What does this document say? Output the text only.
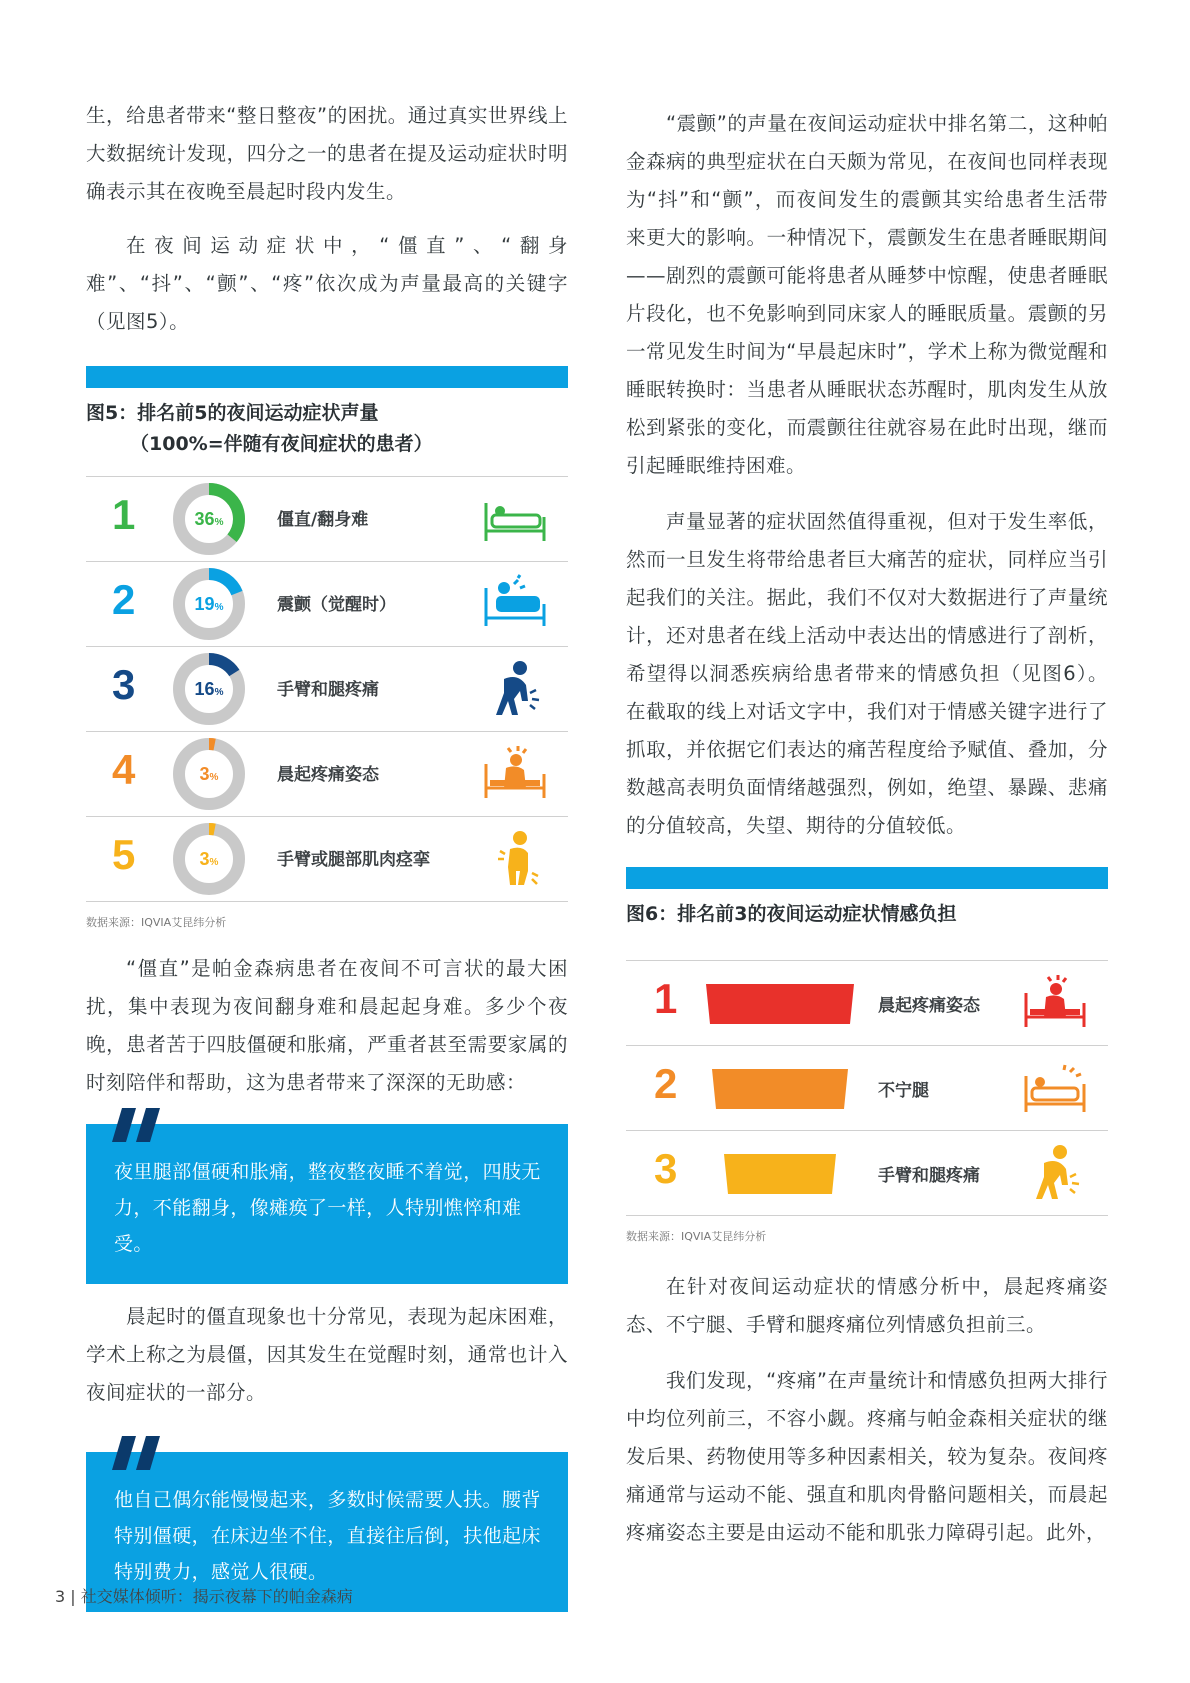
生，给患者带来“整日整夜”的困扰。通过真实世界线上大数据统计发现，四分之一的患者在提及运动症状时明确表示其在夜晚至晨起时段内发生。

在夜间运动症状中，“僵直”、“翻身难”、“抖”、“颤”、“疼”依次成为声量最高的关键字（见图5）。

图5：排名前5的夜间运动症状声量
（100%=伴随有夜间症状的患者）
1	36%	僵直/翻身难
2	19%	震颤（觉醒时）
3	16%	手臂和腿疼痛
4	3%	晨起疼痛姿态
5	3%	手臂或腿部肌肉痉挛
数据来源：IQVIA艾昆纬分析

“僵直”是帕金森病患者在夜间不可言状的最大困扰，集中表现为夜间翻身难和晨起起身难。多少个夜晚，患者苦于四肢僵硬和胀痛，严重者甚至需要家属的时刻陪伴和帮助，这为患者带来了深深的无助感：

夜里腿部僵硬和胀痛，整夜整夜睡不着觉，四肢无力，不能翻身，像瘫痪了一样，人特别憔悴和难受。

晨起时的僵直现象也十分常见，表现为起床困难，学术上称之为晨僵，因其发生在觉醒时刻，通常也计入夜间症状的一部分。

他自己偶尔能慢慢起来，多数时候需要人扶。腰背特别僵硬，在床边坐不住，直接往后倒，扶他起床特别费力，感觉人很硬。

“震颤”的声量在夜间运动症状中排名第二，这种帕金森病的典型症状在白天颇为常见，在夜间也同样表现为“抖”和“颤”，而夜间发生的震颤其实给患者生活带来更大的影响。一种情况下，震颤发生在患者睡眠期间——剧烈的震颤可能将患者从睡梦中惊醒，使患者睡眠片段化，也不免影响到同床家人的睡眠质量。震颤的另一常见发生时间为“早晨起床时”，学术上称为微觉醒和睡眠转换时：当患者从睡眠状态苏醒时，肌肉发生从放松到紧张的变化，而震颤往往就容易在此时出现，继而引起睡眠维持困难。

声量显著的症状固然值得重视，但对于发生率低，然而一旦发生将带给患者巨大痛苦的症状，同样应当引起我们的关注。据此，我们不仅对大数据进行了声量统计，还对患者在线上活动中表达出的情感进行了剖析，希望得以洞悉疾病给患者带来的情感负担（见图6）。在截取的线上对话文字中，我们对于情感关键字进行了抓取，并依据它们表达的痛苦程度给予赋值、叠加，分数越高表明负面情绪越强烈，例如，绝望、暴躁、悲痛的分值较高，失望、期待的分值较低。

图6：排名前3的夜间运动症状情感负担
1	晨起疼痛姿态
2	不宁腿
3	手臂和腿疼痛
数据来源：IQVIA艾昆纬分析

在针对夜间运动症状的情感分析中，晨起疼痛姿态、不宁腿、手臂和腿疼痛位列情感负担前三。

我们发现，“疼痛”在声量统计和情感负担两大排行中均位列前三，不容小觑。疼痛与帕金森相关症状的继发后果、药物使用等多种因素相关，较为复杂。夜间疼痛通常与运动不能、强直和肌肉骨骼问题相关，而晨起疼痛姿态主要是由运动不能和肌张力障碍引起。此外，

3 | 社交媒体倾听：揭示夜幕下的帕金森病
